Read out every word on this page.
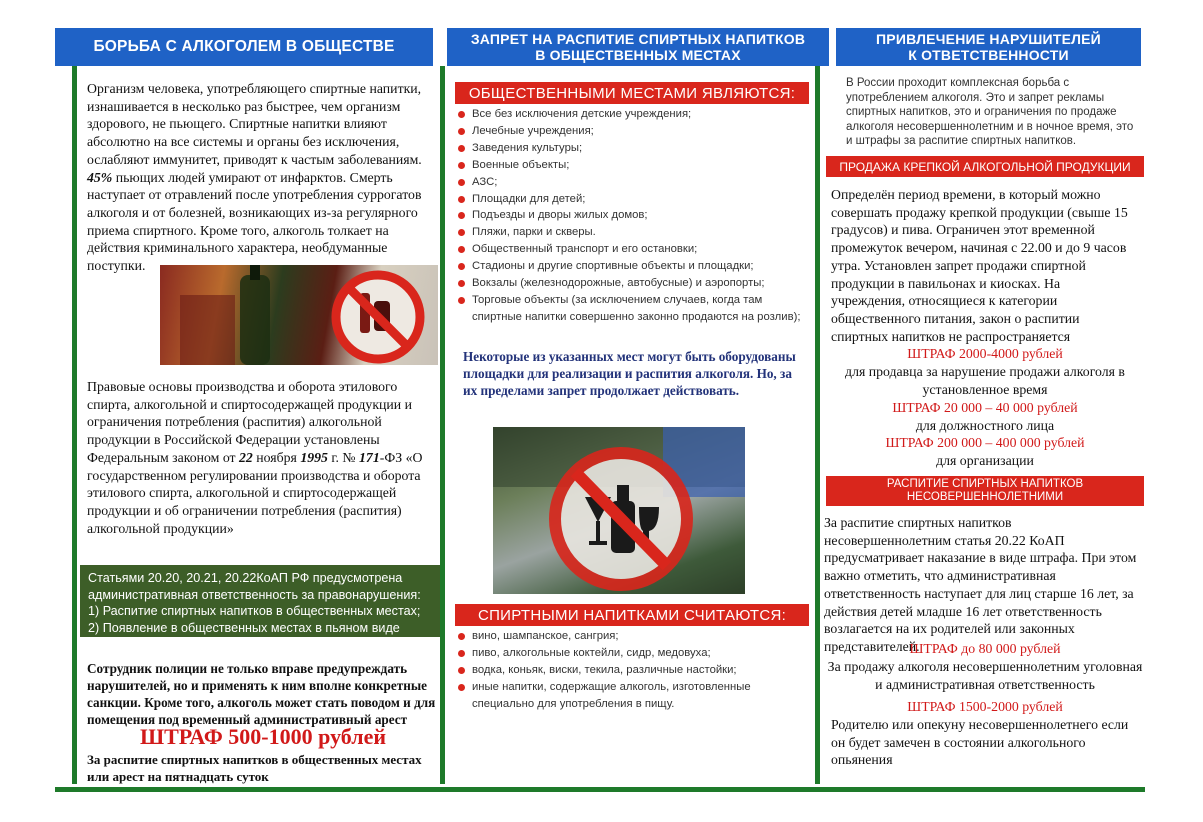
БОРЬБА С АЛКОГОЛЕМ В ОБЩЕСТВЕ	ЗАПРЕТ НА РАСПИТИЕ СПИРТНЫХ НАПИТКОВ
В ОБЩЕСТВЕННЫХ МЕСТАХ
ПРИВЛЕЧЕНИЕ НАРУШИТЕЛЕЙ
К ОТВЕТСТВЕННОСТИ
Организм человека, употребляющего спиртные напитки, изнашивается в несколько раз быстрее, чем организм здорового, не пьющего. Спиртные напитки влияют абсолютно на все системы и органы без исключения, ослабляют иммунитет, приводят к частым заболеваниям. 45% пьющих людей умирают от инфарктов. Смерть наступает от отравлений после употребления суррогатов алкоголя и от болезней, возникающих из-за регулярного приема спиртного. Кроме того, алкоголь толкает на действия криминального характера, необдуманные поступки.
Правовые основы производства и оборота этилового спирта, алкогольной и спиртосодержащей продукции и ограничения потребления (распития) алкогольной продукции в Российской Федерации установлены Федеральным законом от 22 ноября 1995 г. № 171-ФЗ «О государственном регулировании производства и оборота этилового спирта, алкогольной и спиртосодержащей продукции и об ограничении потребления (распития) алкогольной продукции»
Статьями 20.20, 20.21, 20.22КоАП РФ предусмотрена
административная ответственность за правонарушения:
1) Распитие спиртных напитков в общественных местах;
2) Появление в общественных местах в пьяном виде
Сотрудник полиции не только вправе предупреждать нарушителей, но и применять к ним вполне конкретные санкции. Кроме того, алкоголь может стать поводом и для помещения под временный административный арест
ШТРАФ 500-1000 рублей
За распитие спиртных напитков в общественных местах или арест на пятнадцать суток
ОБЩЕСТВЕННЫМИ МЕСТАМИ ЯВЛЯЮТСЯ:
Все без исключения детские учреждения;
Лечебные учреждения;
Заведения культуры;
Военные объекты;
АЗС;
Площадки для детей;
Подъезды и дворы жилых домов;
Пляжи, парки и скверы.
Общественный транспорт и его остановки;
Стадионы и другие спортивные объекты и площадки;
Вокзалы (железнодорожные, автобусные) и аэропорты;
Торговые объекты (за исключением случаев, когда там спиртные напитки совершенно законно продаются на розлив);
Некоторые из указанных мест могут быть оборудованы площадки для реализации и распития алкоголя. Но, за их пределами запрет продолжает действовать.
СПИРТНЫМИ НАПИТКАМИ СЧИТАЮТСЯ:
вино, шампанское, сангрия;
пиво, алкогольные коктейли, сидр, медовуха;
водка, коньяк, виски, текила, различные настойки;
иные напитки, содержащие алкоголь, изготовленные специально для употребления в пищу.
В России проходит комплексная борьба с употреблением алкоголя. Это и запрет рекламы спиртных напитков, это и ограничения по продаже алкоголя несовершеннолетним и в ночное время, это и штрафы за распитие спиртных напитков.
ПРОДАЖА КРЕПКОЙ АЛКОГОЛЬНОЙ ПРОДУКЦИИ
Определён период времени, в который можно совершать продажу крепкой продукции (свыше 15 градусов) и пива. Ограничен этот временной промежуток вечером, начиная с 22.00 и до 9 часов утра. Установлен запрет продажи спиртной продукции в павильонах и киосках. На учреждения, относящиеся к категории общественного питания, закон о распитии спиртных напитков не распространяется
ШТРАФ 2000-4000 рублей
для продавца за нарушение продажи алкоголя в установленное время
ШТРАФ 20 000 – 40 000 рублей
для должностного лица
ШТРАФ 200 000 – 400 000 рублей
для организации
РАСПИТИЕ СПИРТНЫХ НАПИТКОВ
НЕСОВЕРШЕННОЛЕТНИМИ
За распитие спиртных напитков несовершеннолетним статья 20.22 КоАП предусматривает наказание в виде штрафа. При этом важно отметить, что административная ответственность наступает для лиц старше 16 лет, за действия детей младше 16 лет ответственность возлагается на их родителей или законных представителей.
ШТРАФ до 80 000 рублей
За продажу алкоголя несовершеннолетним уголовная и административная ответственность
ШТРАФ 1500-2000 рублей
Родителю или опекуну несовершеннолетнего если он будет замечен в состоянии алкогольного опьянения
